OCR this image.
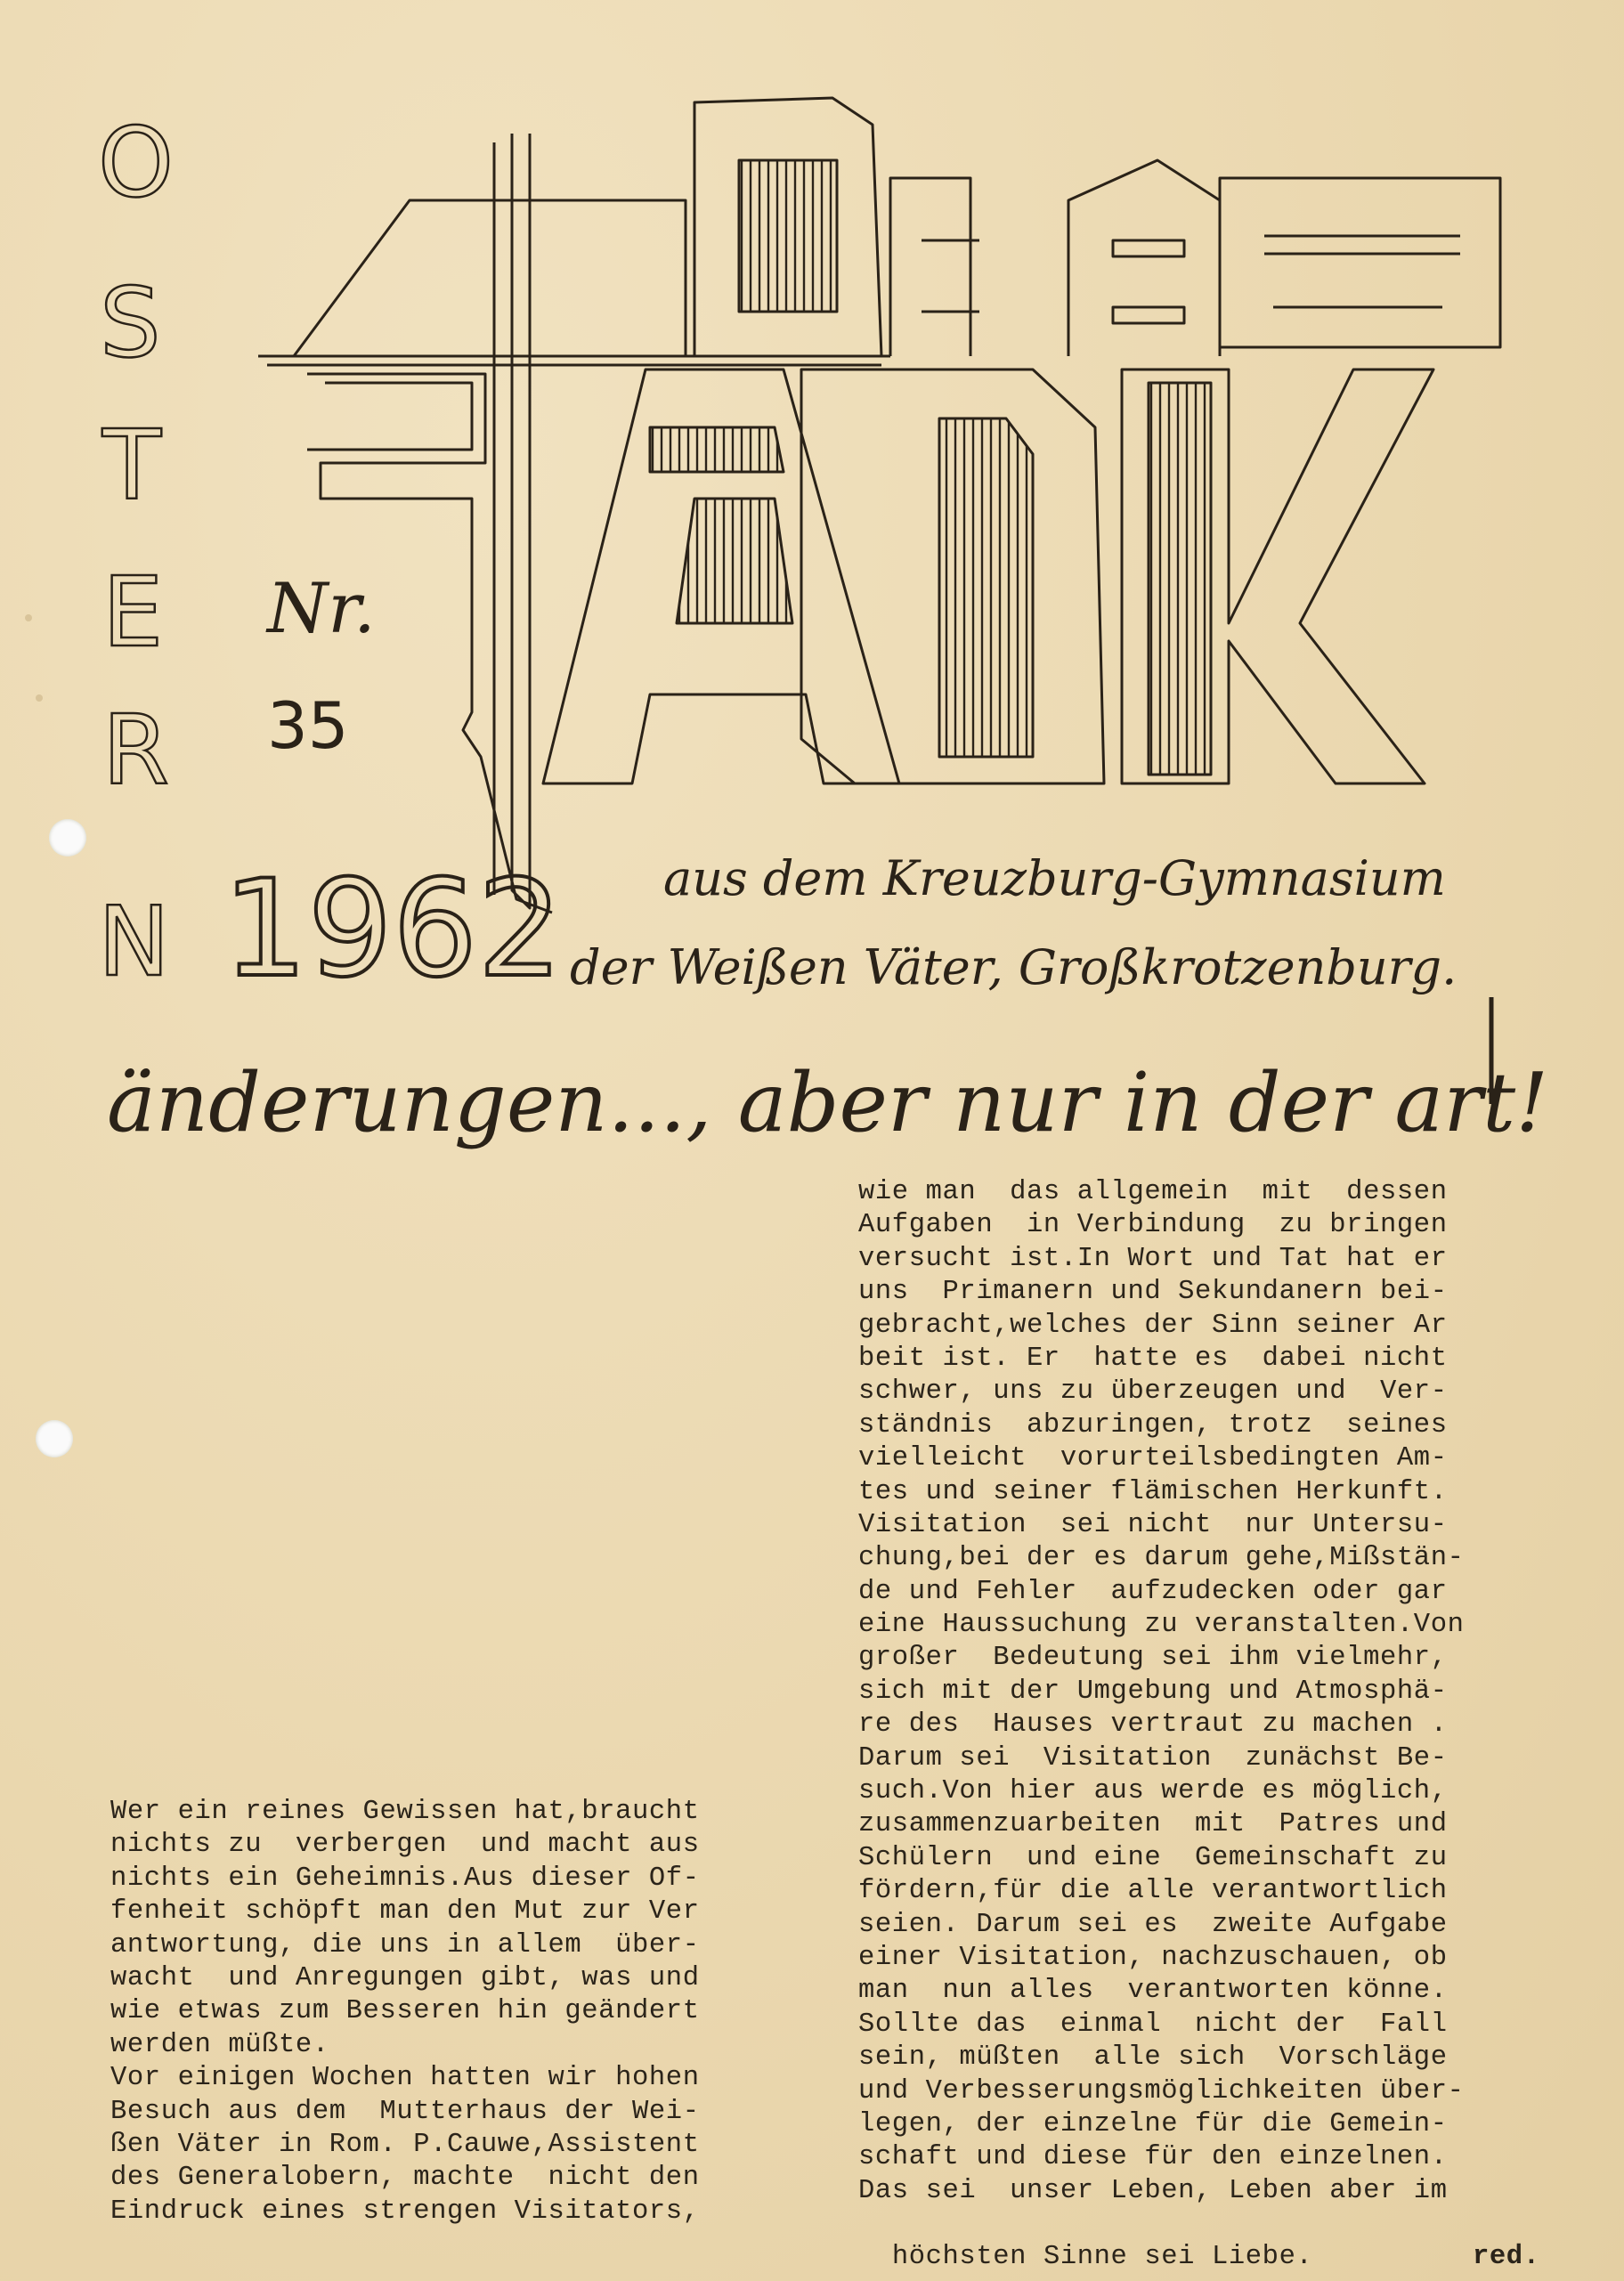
O
S
T
E
R
N
Nr.
35
1962 aus dem Kreuzburg-Gymnasium
der Weißen Väter, Großkrotzenburg.
änderungen..., aber nur in der art!
Wer ein reines Gewissen hat,braucht
nichts zu  verbergen  und macht aus
nichts ein Geheimnis.Aus dieser Of-
fenheit schöpft man den Mut zur Ver
antwortung, die uns in allem  über-
wacht  und Anregungen gibt, was und
wie etwas zum Besseren hin geändert
werden müßte.
Vor einigen Wochen hatten wir hohen
Besuch aus dem  Mutterhaus der Wei-
ßen Väter in Rom. P.Cauwe,Assistent
des Generalobern, machte  nicht den
Eindruck eines strengen Visitators,
wie man  das allgemein  mit  dessen
Aufgaben  in Verbindung  zu bringen
versucht ist.In Wort und Tat hat er
uns  Primanern und Sekundanern bei-
gebracht,welches der Sinn seiner Ar
beit ist. Er  hatte es  dabei nicht
schwer, uns zu überzeugen und  Ver-
ständnis  abzuringen, trotz  seines
vielleicht  vorurteilsbedingten Am-
tes und seiner flämischen Herkunft.
Visitation  sei nicht  nur Untersu-
chung,bei der es darum gehe,Mißstän-
de und Fehler  aufzudecken oder gar
eine Haussuchung zu veranstalten.Von
großer  Bedeutung sei ihm vielmehr,
sich mit der Umgebung und Atmosphä-
re des  Hauses vertraut zu machen .
Darum sei  Visitation  zunächst Be-
such.Von hier aus werde es möglich,
zusammenzuarbeiten  mit  Patres und
Schülern  und eine  Gemeinschaft zu
fördern,für die alle verantwortlich
seien. Darum sei es  zweite Aufgabe
einer Visitation, nachzuschauen, ob
man  nun alles  verantworten könne.
Sollte das  einmal  nicht der  Fall
sein, müßten  alle sich  Vorschläge
und Verbesserungsmöglichkeiten über-
legen, der einzelne für die Gemein-
schaft und diese für den einzelnen.
Das sei  unser Leben, Leben aber im

höchsten Sinne sei Liebe.	red.
